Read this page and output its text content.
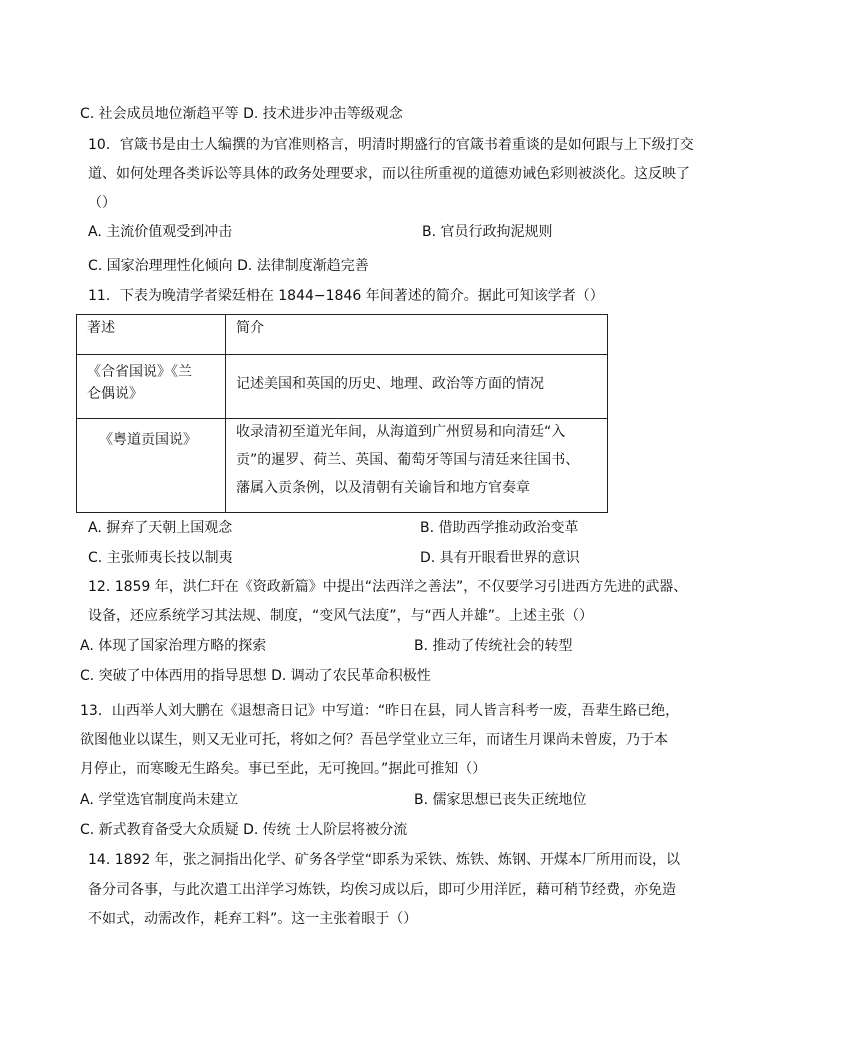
C. 社会成员地位渐趋平等 D. 技术进步冲击等级观念
10．官箴书是由士人编撰的为官准则格言，明清时期盛行的官箴书着重谈的是如何跟与上下级打交
道、如何处理各类诉讼等具体的政务处理要求，而以往所重视的道德劝诫色彩则被淡化。这反映了
（）
A. 主流价值观受到冲击	B. 官员行政拘泥规则
C. 国家治理理性化倾向 D. 法律制度渐趋完善
11．下表为晚清学者梁廷枏在 1844−1846 年间著述的简介。据此可知该学者（）
著述	简介

《合省国说》《兰
仑偶说》	记述美国和英国的历史、地理、政治等方面的情况

《粤道贡国说》	收录清初至道光年间，从海道到广州贸易和向清廷“入
贡”的暹罗、荷兰、英国、葡萄牙等国与清廷来往国书、
藩属入贡条例，以及清朝有关谕旨和地方官奏章
A. 摒弃了天朝上国观念	B. 借助西学推动政治变革
C. 主张师夷长技以制夷	D. 具有开眼看世界的意识
12. 1859 年，洪仁玕在《资政新篇》中提出“法西洋之善法”，不仅要学习引进西方先进的武器、
设备，还应系统学习其法规、制度，“变风气法度”，与“西人并雄”。上述主张（）
A. 体现了国家治理方略的探索	B. 推动了传统社会的转型
C. 突破了中体西用的指导思想 D. 调动了农民革命积极性
13．山西举人刘大鹏在《退想斋日记》中写道：“昨日在县，同人皆言科考一废，吾辈生路已绝，
欲图他业以谋生，则又无业可托，将如之何？吾邑学堂业立三年，而诸生月课尚未曾废，乃于本
月停止，而寒畯无生路矣。事已至此，无可挽回。”据此可推知（）
A. 学堂选官制度尚未建立	B. 儒家思想已丧失正统地位
C. 新式教育备受大众质疑 D. 传统 士人阶层将被分流
14. 1892 年，张之洞指出化学、矿务各学堂“即系为采铁、炼铁、炼钢、开煤本厂所用而设，以
备分司各事，与此次遣工出洋学习炼铁，均俟习成以后，即可少用洋匠，藉可稍节经费，亦免造
不如式，动需改作，耗弃工料”。这一主张着眼于（）
